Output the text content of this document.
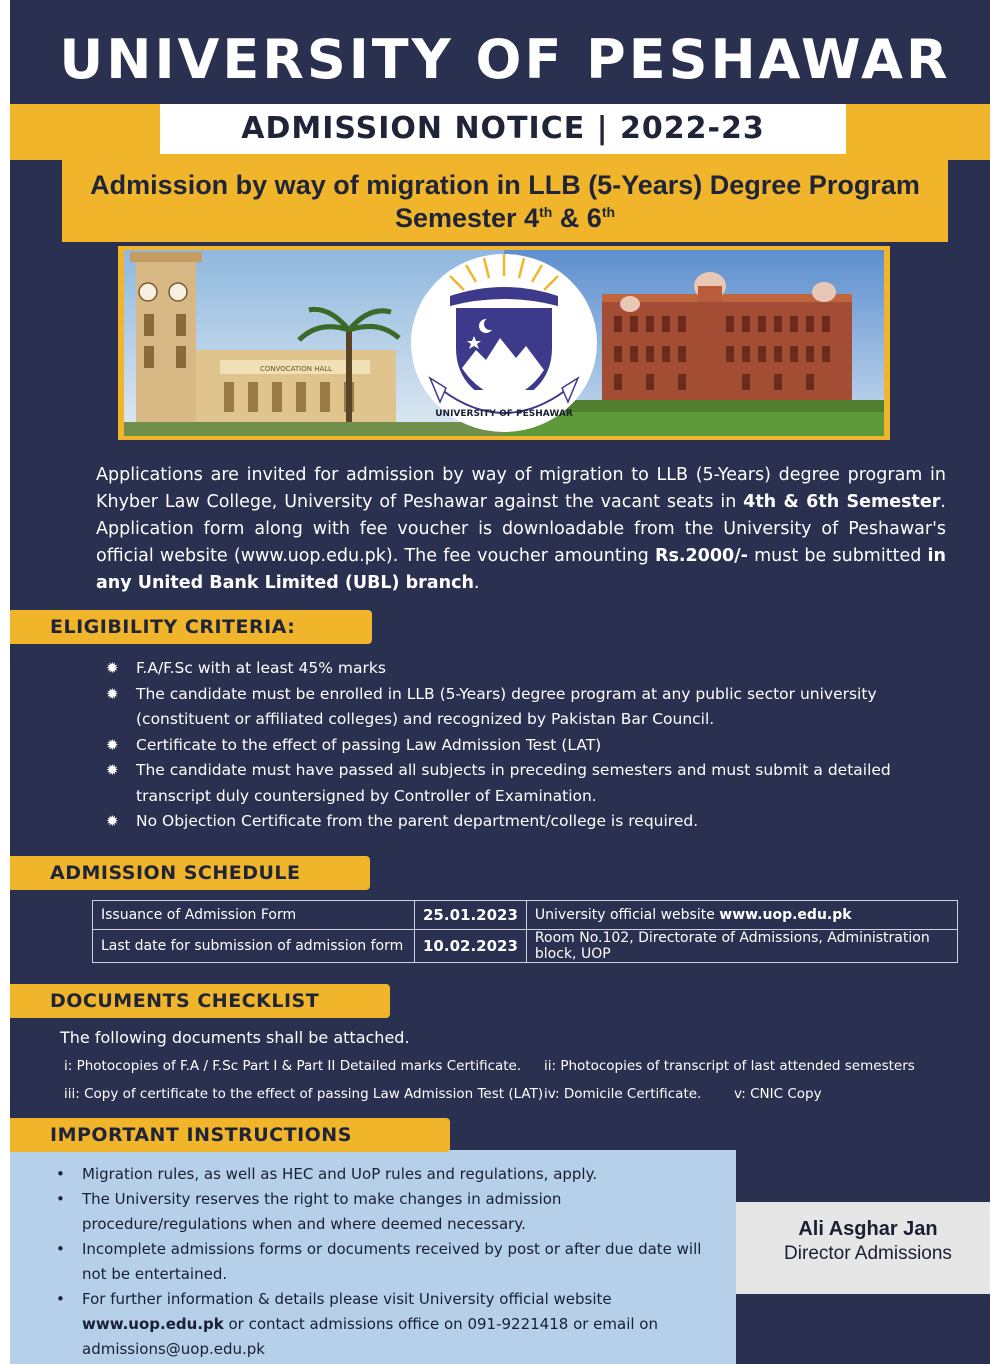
UNIVERSITY OF PESHAWAR
ADMISSION NOTICE | 2022-23
Admission by way of migration in LLB (5-Years) Degree Program
Semester 4th & 6th
CONVOCATION HALL
UNIVERSITY OF PESHAWAR
Applications are invited for admission by way of migration to LLB (5-Years) degree program in Khyber Law College, University of Peshawar against the vacant seats in 4th & 6th Semester. Application form along with fee voucher is downloadable from the University of Peshawar's official website (www.uop.edu.pk). The fee voucher amounting Rs.2000/- must be submitted in any United Bank Limited (UBL) branch.
ELIGIBILITY CRITERIA:
✹ F.A/F.Sc with at least 45% marks
✹ The candidate must be enrolled in LLB (5-Years) degree program at any public sector university (constituent or affiliated colleges) and recognized by Pakistan Bar Council.
✹ Certificate to the effect of passing Law Admission Test (LAT)
✹ The candidate must have passed all subjects in preceding semesters and must submit a detailed transcript duly countersigned by Controller of Examination.
✹ No Objection Certificate from the parent department/college is required.
ADMISSION SCHEDULE
Issuance of Admission Form	25.01.2023	University official website www.uop.edu.pk
Last date for submission of admission form	10.02.2023	Room No.102, Directorate of Admissions, Administration block, UOP
DOCUMENTS CHECKLIST
The following documents shall be attached.
i: Photocopies of F.A / F.Sc Part I & Part II Detailed marks Certificate. ii: Photocopies of transcript of last attended semesters
iii: Copy of certificate to the effect of passing Law Admission Test (LAT) iv: Domicile Certificate. v: CNIC Copy
IMPORTANT INSTRUCTIONS
• Migration rules, as well as HEC and UoP rules and regulations, apply.
• The University reserves the right to make changes in admission procedure/regulations when and where deemed necessary.
• Incomplete admissions forms or documents received by post or after due date will not be entertained.
• For further information & details please visit University official website www.uop.edu.pk or contact admissions office on 091-9221418 or email on admissions@uop.edu.pk
Ali Asghar Jan
Director Admissions
